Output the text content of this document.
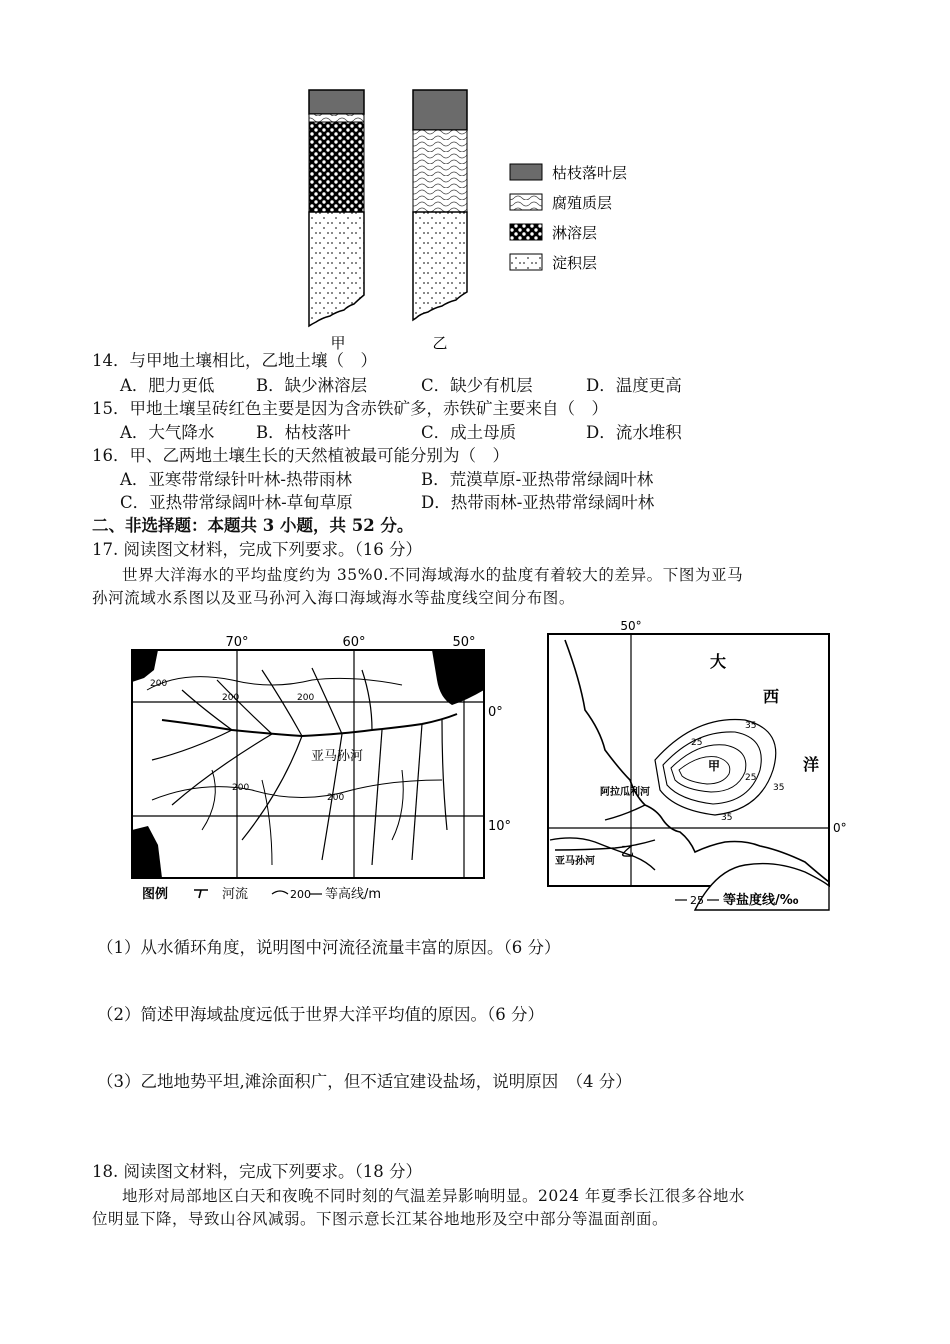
甲	乙
枯枝落叶层
腐殖质层
淋溶层
淀积层
14．与甲地土壤相比，乙地土壤（　）
A．肥力更低	B．缺少淋溶层	C．缺少有机层	D．温度更高
15．甲地土壤呈砖红色主要是因为含赤铁矿多，赤铁矿主要来自（　）
A．大气降水	B．枯枝落叶	C．成土母质	D．流水堆积
16．甲、乙两地土壤生长的天然植被最可能分别为（　）
A．亚寒带常绿针叶林-热带雨林	B．荒漠草原-亚热带常绿阔叶林
C．亚热带常绿阔叶林-草甸草原	D．热带雨林-亚热带常绿阔叶林
二、非选择题：本题共 3 小题，共 52 分。
17. 阅读图文材料，完成下列要求。（16 分）
世界大洋海水的平均盐度约为 35%0.不同海域海水的盐度有着较大的差异。下图为亚马
孙河流域水系图以及亚马孙河入海口海域海水等盐度线空间分布图。
70°	60°	50°
0°
10°
亚马孙河
200
200
200
200
200
图例	河流	200 等高线/m
50°
0°
大
西
洋
甲
乙
亚马孙河
阿拉瓜利河
25
35
35
25
35
25 等盐度线/‰
（1）从水循环角度，说明图中河流径流量丰富的原因。（6 分）
（2）简述甲海域盐度远低于世界大洋平均值的原因。（6 分）
（3）乙地地势平坦,滩涂面积广，但不适宜建设盐场，说明原因　（4 分）
18. 阅读图文材料，完成下列要求。（18 分）
地形对局部地区白天和夜晚不同时刻的气温差异影响明显。2024 年夏季长江很多谷地水
位明显下降，导致山谷风减弱。下图示意长江某谷地地形及空中部分等温面剖面。
